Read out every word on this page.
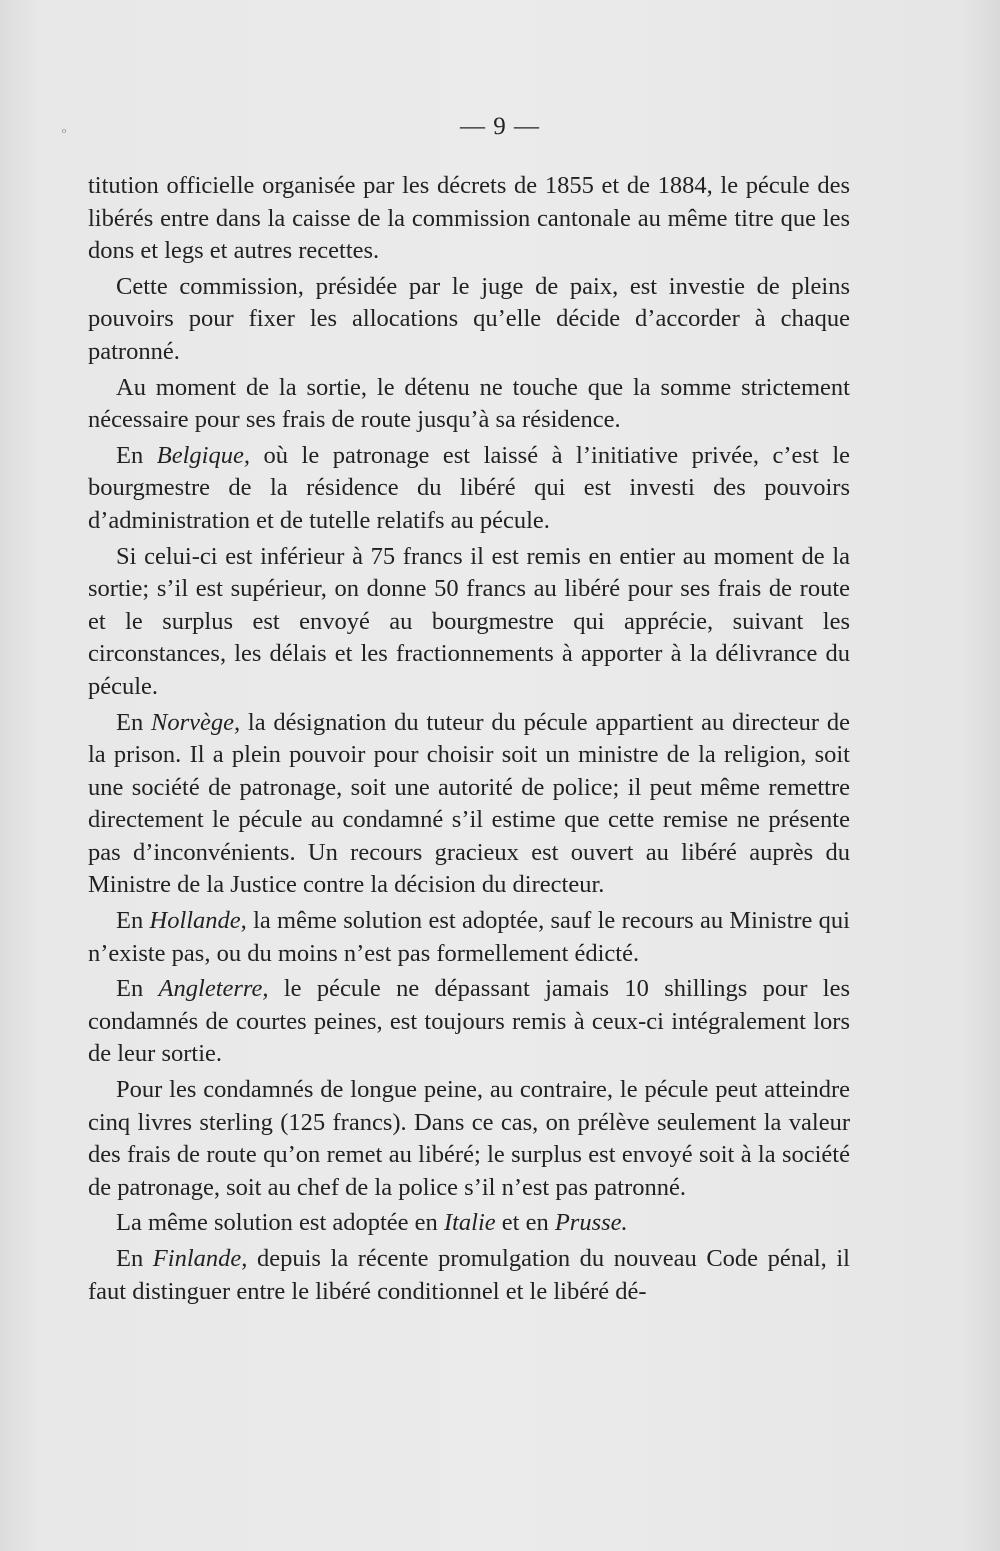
ᵒ	— 9 —

titution officielle organisée par les décrets de 1855 et de 1884, le pécule des libérés entre dans la caisse de la commission cantonale au même titre que les dons et legs et autres recettes.

Cette commission, présidée par le juge de paix, est investie de pleins pouvoirs pour fixer les allocations qu’elle décide d’accorder à chaque patronné.

Au moment de la sortie, le détenu ne touche que la somme strictement nécessaire pour ses frais de route jusqu’à sa résidence.

En Belgique, où le patronage est laissé à l’initiative privée, c’est le bourgmestre de la résidence du libéré qui est investi des pouvoirs d’administration et de tutelle relatifs au pécule.

Si celui-ci est inférieur à 75 francs il est remis en entier au moment de la sortie; s’il est supérieur, on donne 50 francs au libéré pour ses frais de route et le surplus est envoyé au bourgmestre qui apprécie, suivant les circonstances, les délais et les fractionnements à apporter à la délivrance du pécule.

En Norvège, la désignation du tuteur du pécule appartient au directeur de la prison. Il a plein pouvoir pour choisir soit un ministre de la religion, soit une société de patronage, soit une autorité de police; il peut même remettre directement le pécule au condamné s’il estime que cette remise ne présente pas d’inconvénients. Un recours gracieux est ouvert au libéré auprès du Ministre de la Justice contre la décision du directeur.

En Hollande, la même solution est adoptée, sauf le recours au Ministre qui n’existe pas, ou du moins n’est pas formellement édicté.

En Angleterre, le pécule ne dépassant jamais 10 shillings pour les condamnés de courtes peines, est toujours remis à ceux-ci intégralement lors de leur sortie.

Pour les condamnés de longue peine, au contraire, le pécule peut atteindre cinq livres sterling (125 francs). Dans ce cas, on prélève seulement la valeur des frais de route qu’on remet au libéré; le surplus est envoyé soit à la société de patronage, soit au chef de la police s’il n’est pas patronné.

La même solution est adoptée en Italie et en Prusse.

En Finlande, depuis la récente promulgation du nouveau Code pénal, il faut distinguer entre le libéré conditionnel et le libéré dé-
